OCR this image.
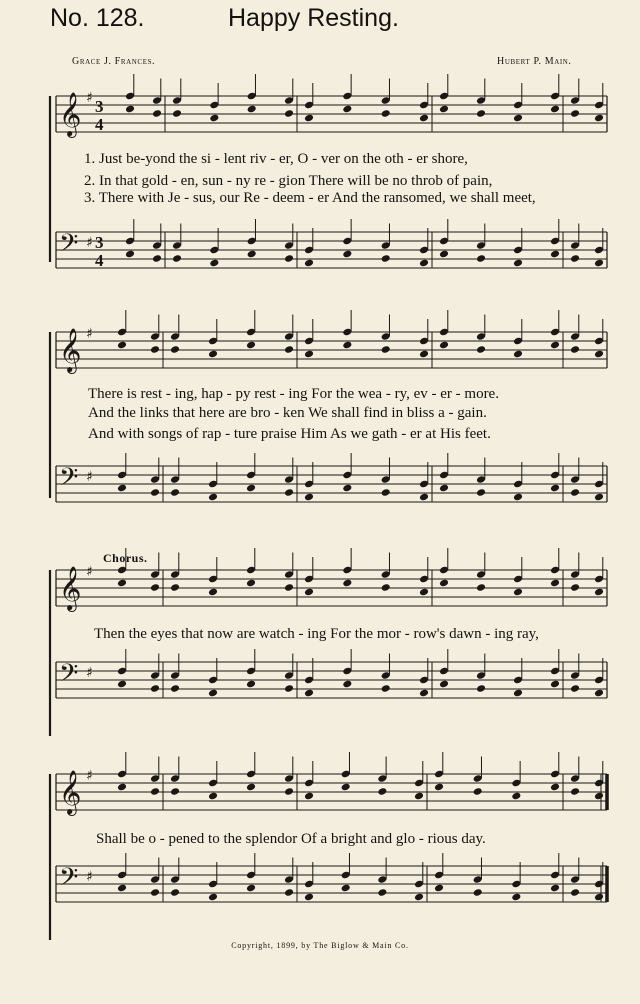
No. 128.	Happy Resting.
Grace J. Frances.	Hubert P. Main.
𝄞 ♯ 3
4
1. Just be-yond the si - lent riv - er, O - ver on the oth - er shore,
2. In that gold - en, sun - ny re - gion There will be no throb of pain,
3. There with Je - sus, our Re - deem - er And the ransomed, we shall meet,
𝄢 ♯ 3
4
𝄞 ♯
There is rest - ing, hap - py rest - ing For the wea - ry, ev - er - more.
And the links that here are bro - ken We shall find in bliss a - gain.
And with songs of rap - ture praise Him As we gath - er at His feet.
𝄢 ♯
Chorus.
𝄞 ♯
Then the eyes that now are watch - ing For the mor - row's dawn - ing ray,
𝄢 ♯
𝄞 ♯
Shall be o - pened to the splendor Of a bright and glo - rious day.
𝄢 ♯
Copyright, 1899, by The Biglow & Main Co.
